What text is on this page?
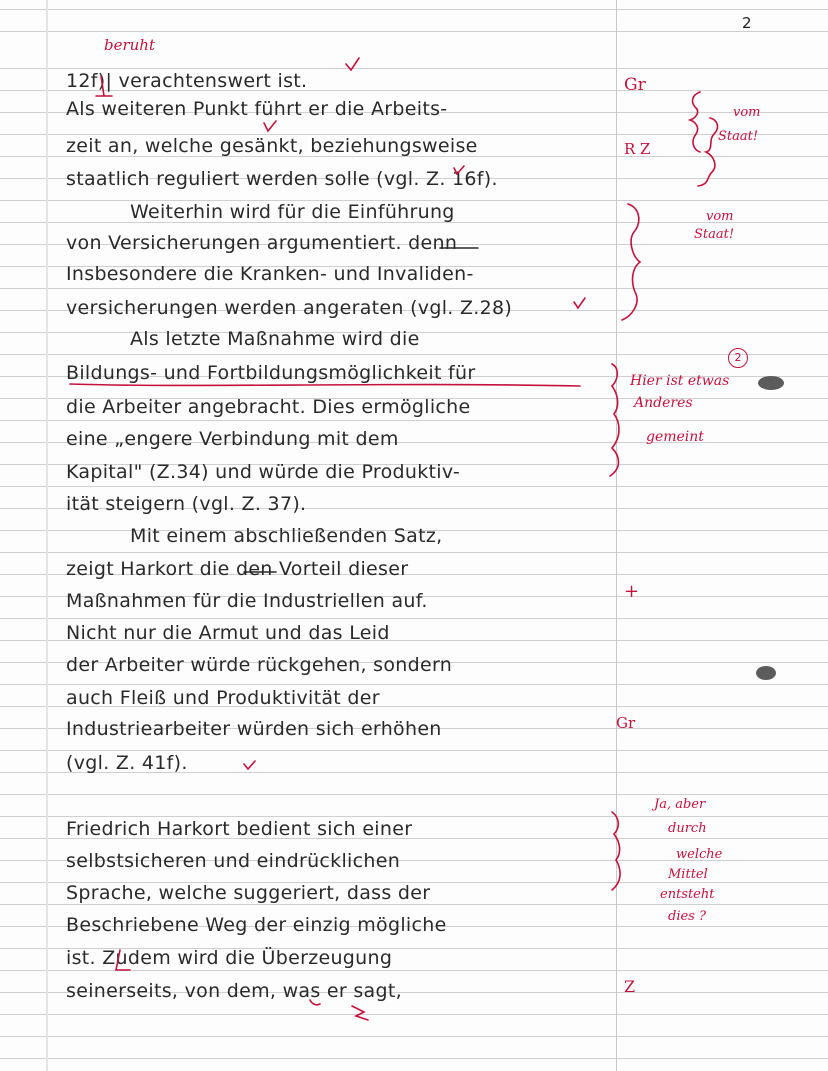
2
beruht
12f)| verachtenswert ist.
Als weiteren Punkt führt er die Arbeits-
zeit an, welche gesänkt, beziehungsweise
staatlich reguliert werden solle (vgl. Z. 16f).
Weiterhin wird für die Einführung
von Versicherungen argumentiert. denn
Insbesondere die Kranken- und Invaliden-
versicherungen werden angeraten (vgl. Z.28)
Als letzte Maßnahme wird die
Bildungs- und Fortbildungsmöglichkeit für
die Arbeiter angebracht. Dies ermögliche
eine „engere Verbindung mit dem
Kapital" (Z.34) und würde die Produktiv-
ität steigern (vgl. Z. 37).
Mit einem abschließenden Satz,
zeigt Harkort die den Vorteil dieser
Maßnahmen für die Industriellen auf.
Nicht nur die Armut und das Leid
der Arbeiter würde rückgehen, sondern
auch Fleiß und Produktivität der
Industriearbeiter würden sich erhöhen
(vgl. Z. 41f).
Friedrich Harkort bedient sich einer
selbstsicheren und eindrücklichen
Sprache, welche suggeriert, dass der
Beschriebene Weg der einzig mögliche
ist. Zudem wird die Überzeugung
seinerseits, von dem, was er sagt,
Gr
R Z
+
Gr
Z
vom
Staat!
vom
Staat!
Hier ist etwas
Anderes
gemeint
Ja, aber
durch
welche
Mittel
entsteht
dies ?
2
